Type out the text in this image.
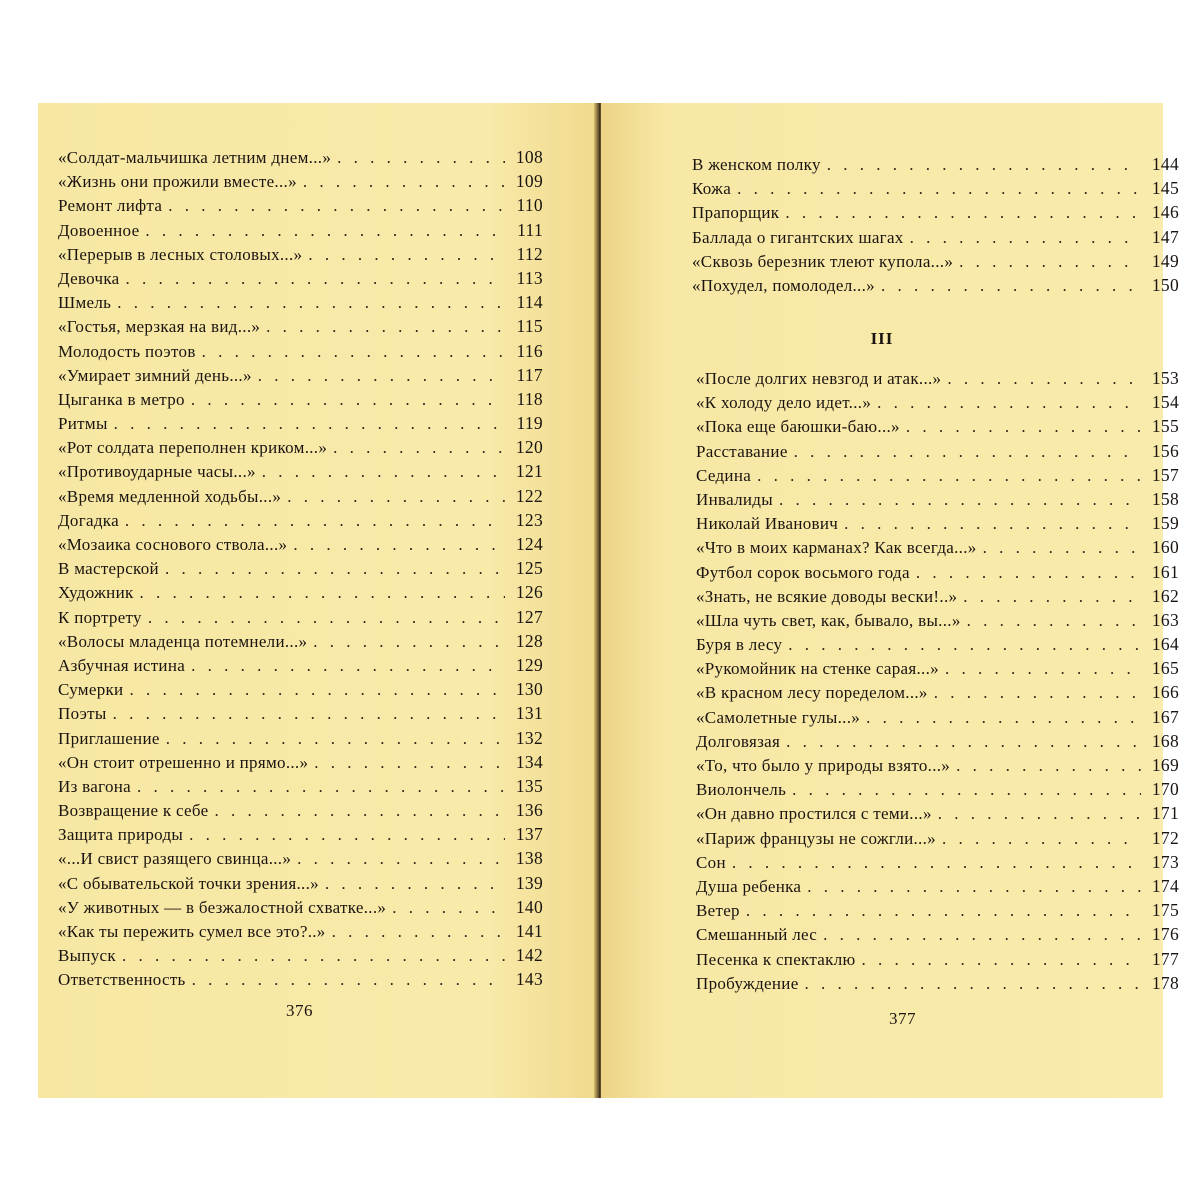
«Солдат-мальчишка летним днем...» . . .	108
«Жизнь они прожили вместе...» . . .	109
Ремонт лифта . . .	110
Довоенное . . .	111
«Перерыв в лесных столовых...» . . .	112
Девочка . . .	113
Шмель . . .	114
«Гостья, мерзкая на вид...» . . .	115
Молодость поэтов . . .	116
«Умирает зимний день...» . . .	117
Цыганка в метро . . .	118
Ритмы . . .	119
«Рот солдата переполнен криком...» . . .	120
«Противоударные часы...» . . .	121
«Время медленной ходьбы...» . . .	122
Догадка . . .	123
«Мозаика соснового ствола...» . . .	124
В мастерской . . .	125
Художник . . .	126
К портрету . . .	127
«Волосы младенца потемнели...» . . .	128
Азбучная истина . . .	129
Сумерки . . .	130
Поэты . . .	131
Приглашение . . .	132
«Он стоит отрешенно и прямо...» . . .	134
Из вагона . . .	135
Возвращение к себе . . .	136
Защита природы . . .	137
«...И свист разящего свинца...» . . .	138
«С обывательской точки зрения...» . . .	139
«У животных — в безжалостной схватке...» . . .	140
«Как ты пережить сумел все это?..» . . .	141
Выпуск . . .	142
Ответственность . . .	143
376
В женском полку . . .	144
Кожа . . .	145
Прапорщик . . .	146
Баллада о гигантских шагах . . .	147
«Сквозь березник тлеют купола...» . . .	149
«Похудел, помолодел...» . . .	150
III
«После долгих невзгод и атак...» . . .	153
«К холоду дело идет...» . . .	154
«Пока еще баюшки-баю...» . . .	155
Расставание . . .	156
Седина . . .	157
Инвалиды . . .	158
Николай Иванович . . .	159
«Что в моих карманах? Как всегда...» . . .	160
Футбол сорок восьмого года . . .	161
«Знать, не всякие доводы вески!..» . . .	162
«Шла чуть свет, как, бывало, вы...» . . .	163
Буря в лесу . . .	164
«Рукомойник на стенке сарая...» . . .	165
«В красном лесу поределом...» . . .	166
«Самолетные гулы...» . . .	167
Долговязая . . .	168
«То, что было у природы взято...» . . .	169
Виолончель . . .	170
«Он давно простился с теми...» . . .	171
«Париж французы не сожгли...» . . .	172
Сон . . .	173
Душа ребенка . . .	174
Ветер . . .	175
Смешанный лес . . .	176
Песенка к спектаклю . . .	177
Пробуждение . . .	178
377
